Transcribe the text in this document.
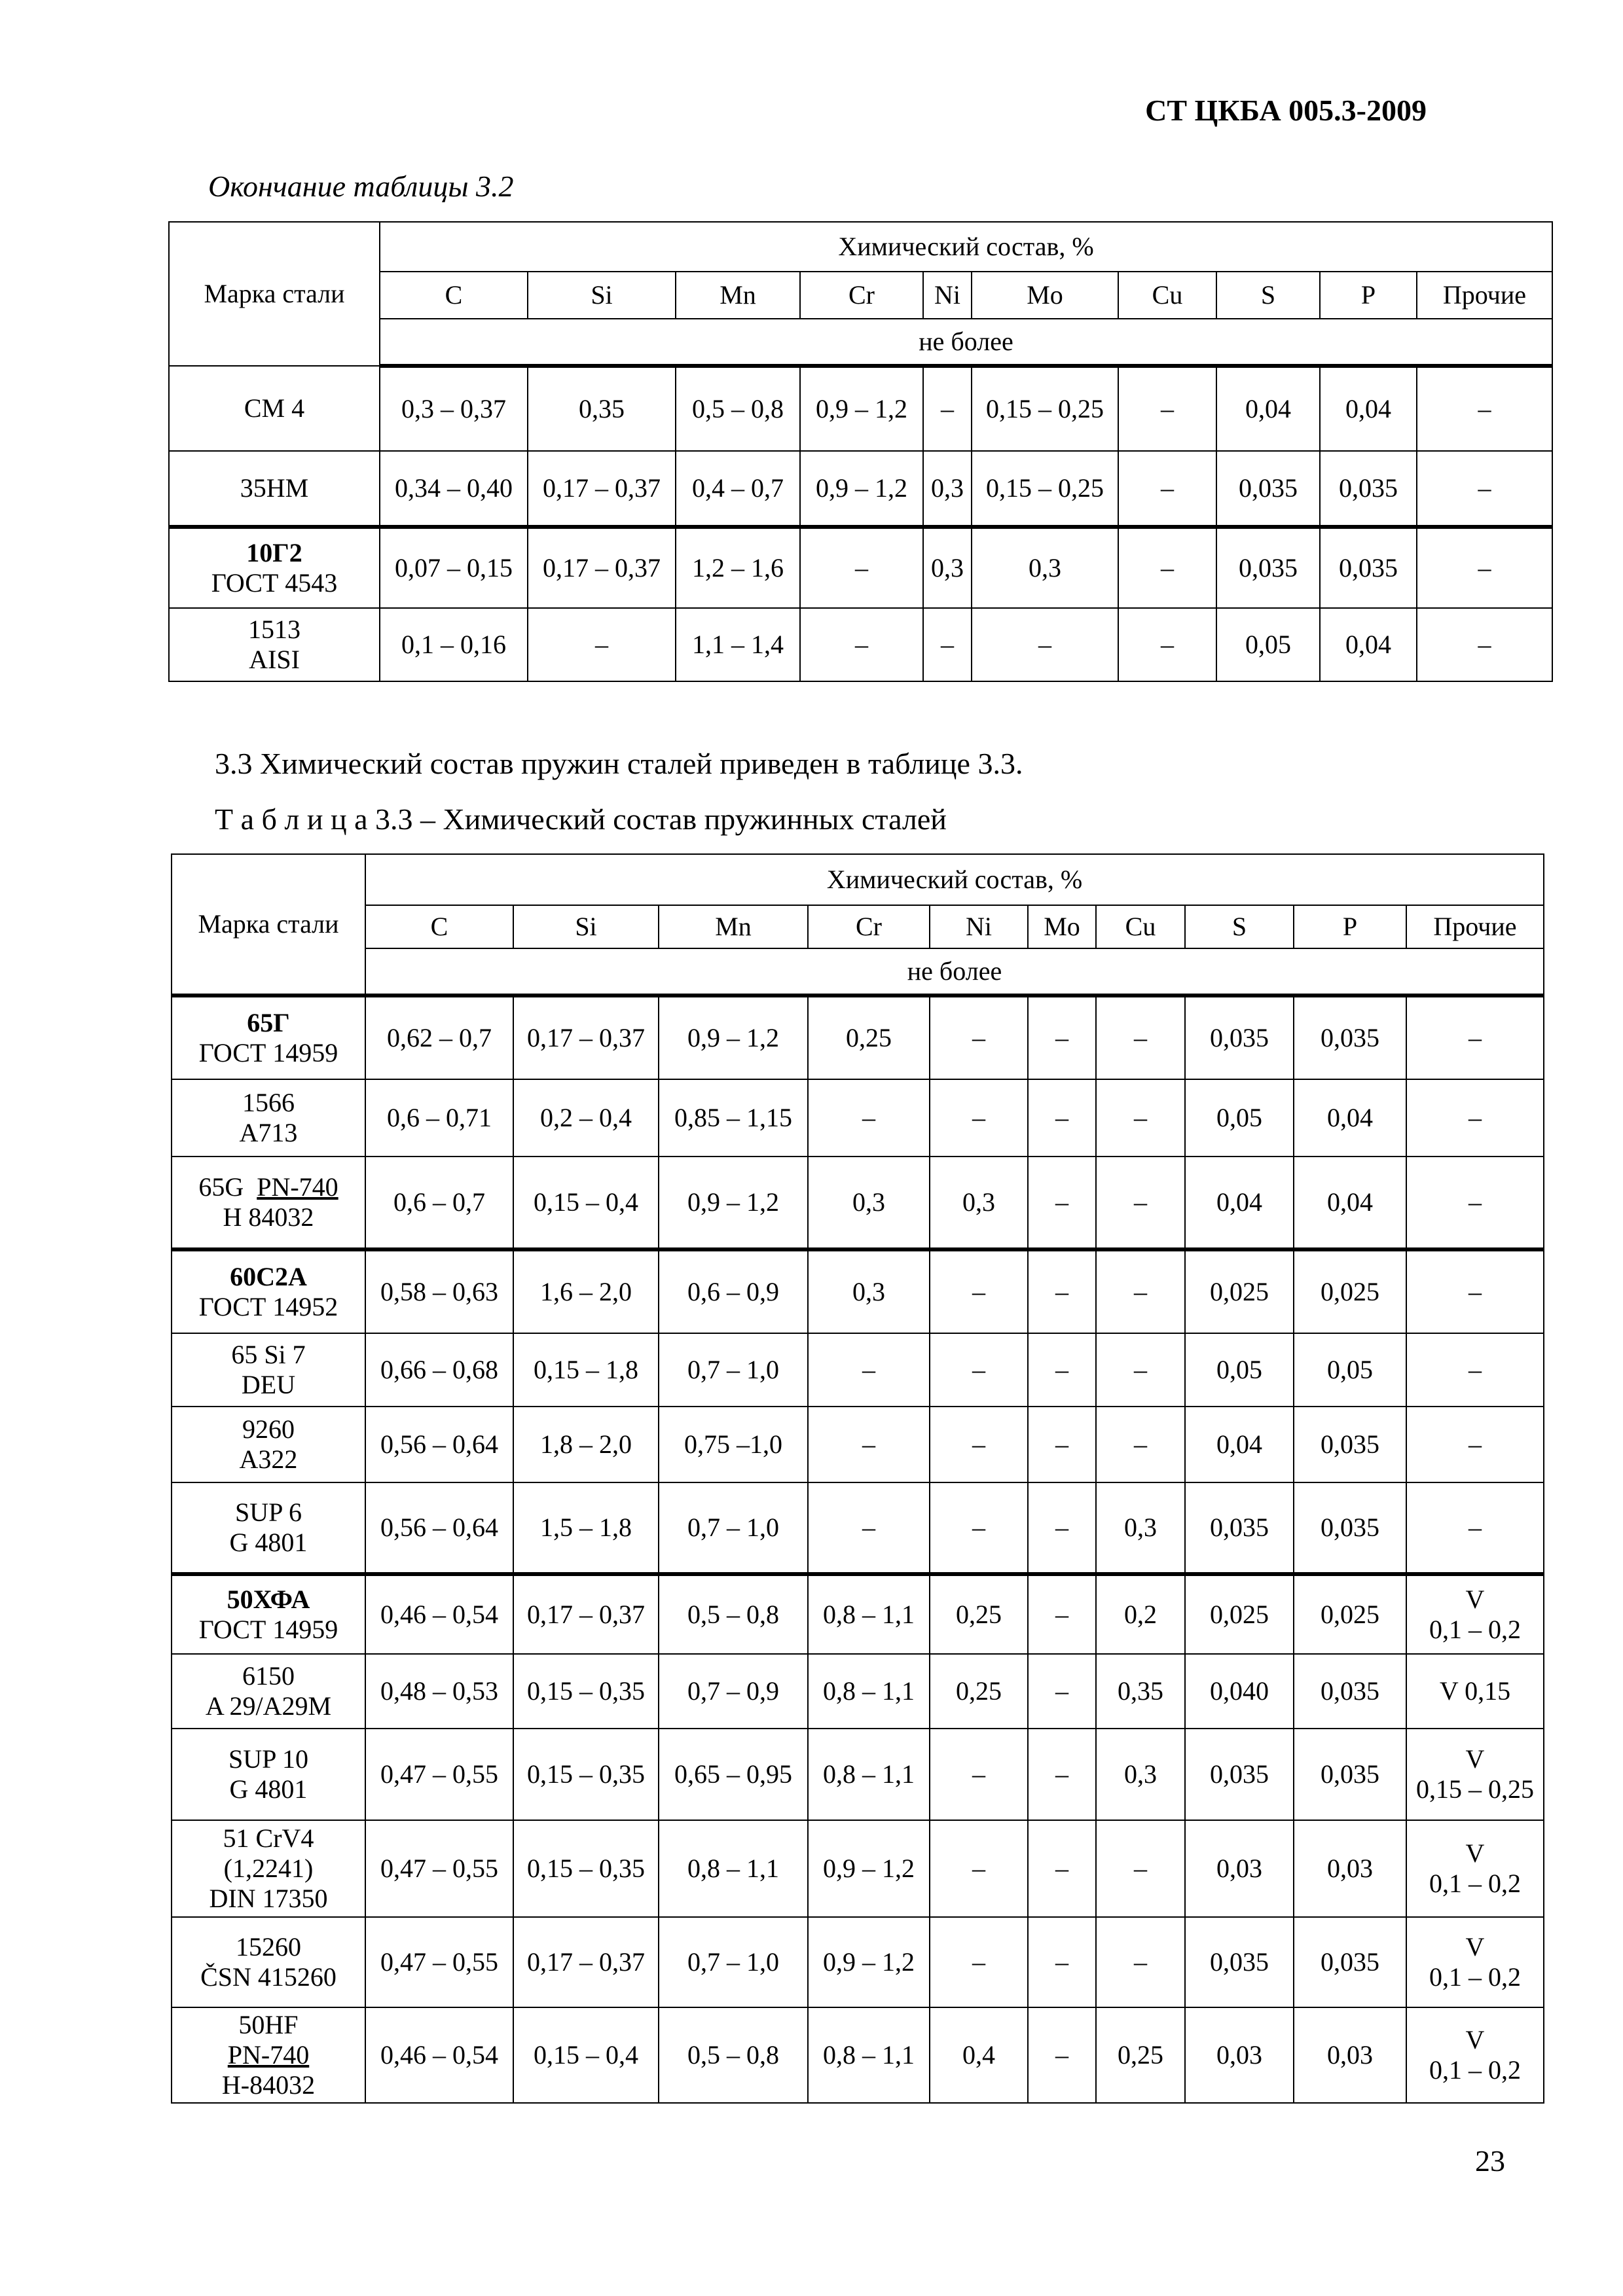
СТ ЦКБА 005.3-2009
Окончание таблицы 3.2
Марка стали	Химический состав, %									
	C	Si	Mn	Cr	Ni	Mo	Cu	S	P	Прочие
	не более									
СМ 4	0,3 – 0,37	0,35	0,5 – 0,8	0,9 – 1,2	–	0,15 – 0,25	–	0,04	0,04	–
35НМ	0,34 – 0,40	0,17 – 0,37	0,4 – 0,7	0,9 – 1,2	0,3	0,15 – 0,25	–	0,035	0,035	–

10Г2
ГОСТ 4543	0,07 – 0,15	0,17 – 0,37	1,2 – 1,6	–	0,3	0,3	–	0,035	0,035	–

1513
AISI	0,1 – 0,16	–	1,1 – 1,4	–	–	–	–	0,05	0,04	–
3.3 Химический состав пружин сталей приведен в таблице 3.3.
Т а б л и ц а 3.3 – Химический состав пружинных сталей
Марка стали	Химический состав, %									
	C	Si	Mn	Cr	Ni	Mo	Cu	S	P	Прочие
	не более									

65Г
ГОСТ 14959	0,62 – 0,7	0,17 – 0,37	0,9 – 1,2	0,25	–	–	–	0,035	0,035	–

1566
A713	0,6 – 0,71	0,2 – 0,4	0,85 – 1,15	–	–	–	–	0,05	0,04	–

65G PN-740
H 84032	0,6 – 0,7	0,15 – 0,4	0,9 – 1,2	0,3	0,3	–	–	0,04	0,04	–

60С2А
ГОСТ 14952	0,58 – 0,63	1,6 – 2,0	0,6 – 0,9	0,3	–	–	–	0,025	0,025	–

65 Si 7
DEU	0,66 – 0,68	0,15 – 1,8	0,7 – 1,0	–	–	–	–	0,05	0,05	–

9260
A322	0,56 – 0,64	1,8 – 2,0	0,75 –1,0	–	–	–	–	0,04	0,035	–

SUP 6
G 4801	0,56 – 0,64	1,5 – 1,8	0,7 – 1,0	–	–	–	0,3	0,035	0,035	–

50ХФА
ГОСТ 14959	0,46 – 0,54	0,17 – 0,37	0,5 – 0,8	0,8 – 1,1	0,25	–	0,2	0,025	0,025	V
0,1 – 0,2

6150
A 29/A29M	0,48 – 0,53	0,15 – 0,35	0,7 – 0,9	0,8 – 1,1	0,25	–	0,35	0,040	0,035	V 0,15

SUP 10
G 4801	0,47 – 0,55	0,15 – 0,35	0,65 – 0,95	0,8 – 1,1	–	–	0,3	0,035	0,035	V
0,15 – 0,25

51 CrV4
(1,2241)
DIN 17350	0,47 – 0,55	0,15 – 0,35	0,8 – 1,1	0,9 – 1,2	–	–	–	0,03	0,03	V
0,1 – 0,2

15260
ČSN 415260	0,47 – 0,55	0,17 – 0,37	0,7 – 1,0	0,9 – 1,2	–	–	–	0,035	0,035	V
0,1 – 0,2

50HF
PN-740
H-84032	0,46 – 0,54	0,15 – 0,4	0,5 – 0,8	0,8 – 1,1	0,4	–	0,25	0,03	0,03	V
0,1 – 0,2
23
